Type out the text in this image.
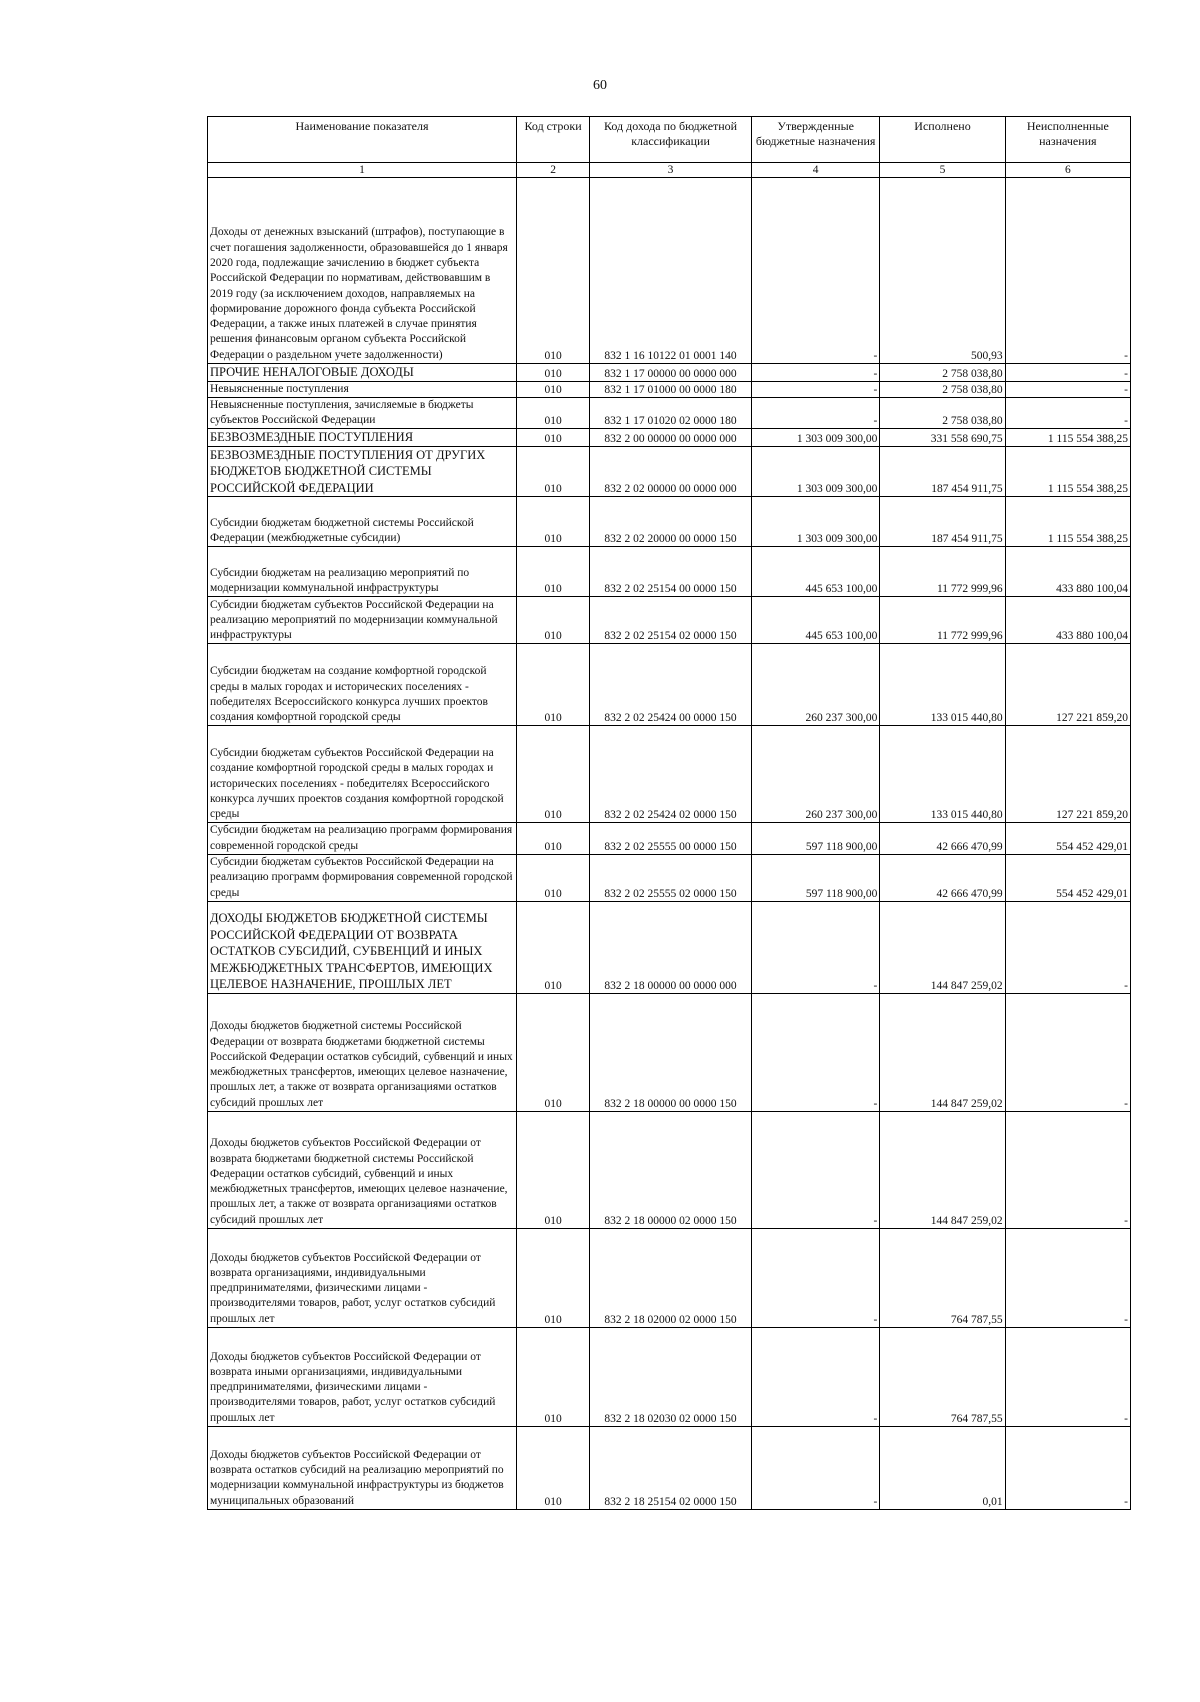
60
Наименование показателя	Код строки	Код дохода по бюджетной классификации	Утвержденные бюджетные назначения	Исполнено	Неисполненные назначения
1	2	3	4	5	6
Доходы от денежных взысканий (штрафов), поступающие в счет погашения задолженности, образовавшейся до 1 января 2020 года, подлежащие зачислению в бюджет субъекта Российской Федерации по нормативам, действовавшим в 2019 году (за исключением доходов, направляемых на формирование дорожного фонда субъекта Российской Федерации, а также иных платежей в случае принятия решения финансовым органом субъекта Российской Федерации о раздельном учете задолженности)	010	832 1 16 10122 01 0001 140	-	500,93	-
ПРОЧИЕ НЕНАЛОГОВЫЕ ДОХОДЫ	010	832 1 17 00000 00 0000 000	-	2 758 038,80	-
Невыясненные поступления	010	832 1 17 01000 00 0000 180	-	2 758 038,80	-
Невыясненные поступления, зачисляемые в бюджеты субъектов Российской Федерации	010	832 1 17 01020 02 0000 180	-	2 758 038,80	-
БЕЗВОЗМЕЗДНЫЕ ПОСТУПЛЕНИЯ	010	832 2 00 00000 00 0000 000	1 303 009 300,00	331 558 690,75	1 115 554 388,25
БЕЗВОЗМЕЗДНЫЕ ПОСТУПЛЕНИЯ ОТ ДРУГИХ БЮДЖЕТОВ БЮДЖЕТНОЙ СИСТЕМЫ РОССИЙСКОЙ ФЕДЕРАЦИИ	010	832 2 02 00000 00 0000 000	1 303 009 300,00	187 454 911,75	1 115 554 388,25
Субсидии бюджетам бюджетной системы Российской Федерации (межбюджетные субсидии)	010	832 2 02 20000 00 0000 150	1 303 009 300,00	187 454 911,75	1 115 554 388,25
Субсидии бюджетам на реализацию мероприятий по модернизации коммунальной инфраструктуры	010	832 2 02 25154 00 0000 150	445 653 100,00	11 772 999,96	433 880 100,04
Субсидии бюджетам субъектов Российской Федерации на реализацию мероприятий по модернизации коммунальной инфраструктуры	010	832 2 02 25154 02 0000 150	445 653 100,00	11 772 999,96	433 880 100,04
Субсидии бюджетам на создание комфортной городской среды в малых городах и исторических поселениях - победителях Всероссийского конкурса лучших проектов создания комфортной городской среды	010	832 2 02 25424 00 0000 150	260 237 300,00	133 015 440,80	127 221 859,20
Субсидии бюджетам субъектов Российской Федерации на создание комфортной городской среды в малых городах и исторических поселениях - победителях Всероссийского конкурса лучших проектов создания комфортной городской среды	010	832 2 02 25424 02 0000 150	260 237 300,00	133 015 440,80	127 221 859,20
Субсидии бюджетам на реализацию программ формирования современной городской среды	010	832 2 02 25555 00 0000 150	597 118 900,00	42 666 470,99	554 452 429,01
Субсидии бюджетам субъектов Российской Федерации на реализацию программ формирования современной городской среды	010	832 2 02 25555 02 0000 150	597 118 900,00	42 666 470,99	554 452 429,01
ДОХОДЫ БЮДЖЕТОВ БЮДЖЕТНОЙ СИСТЕМЫ РОССИЙСКОЙ ФЕДЕРАЦИИ ОТ ВОЗВРАТА ОСТАТКОВ СУБСИДИЙ, СУБВЕНЦИЙ И ИНЫХ МЕЖБЮДЖЕТНЫХ ТРАНСФЕРТОВ, ИМЕЮЩИХ ЦЕЛЕВОЕ НАЗНАЧЕНИЕ, ПРОШЛЫХ ЛЕТ	010	832 2 18 00000 00 0000 000	-	144 847 259,02	-
Доходы бюджетов бюджетной системы Российской Федерации от возврата бюджетами бюджетной системы Российской Федерации остатков субсидий, субвенций и иных межбюджетных трансфертов, имеющих целевое назначение, прошлых лет, а также от возврата организациями остатков субсидий прошлых лет	010	832 2 18 00000 00 0000 150	-	144 847 259,02	-
Доходы бюджетов субъектов Российской Федерации от возврата бюджетами бюджетной системы Российской Федерации остатков субсидий, субвенций и иных межбюджетных трансфертов, имеющих целевое назначение, прошлых лет, а также от возврата организациями остатков субсидий прошлых лет	010	832 2 18 00000 02 0000 150	-	144 847 259,02	-
Доходы бюджетов субъектов Российской Федерации от возврата организациями, индивидуальными предпринимателями, физическими лицами - производителями товаров, работ, услуг остатков субсидий прошлых лет	010	832 2 18 02000 02 0000 150	-	764 787,55	-
Доходы бюджетов субъектов Российской Федерации от возврата иными организациями, индивидуальными предпринимателями, физическими лицами - производителями товаров, работ, услуг остатков субсидий прошлых лет	010	832 2 18 02030 02 0000 150	-	764 787,55	-
Доходы бюджетов субъектов Российской Федерации от возврата остатков субсидий на реализацию мероприятий по модернизации коммунальной инфраструктуры из бюджетов муниципальных образований	010	832 2 18 25154 02 0000 150	-	0,01	-
